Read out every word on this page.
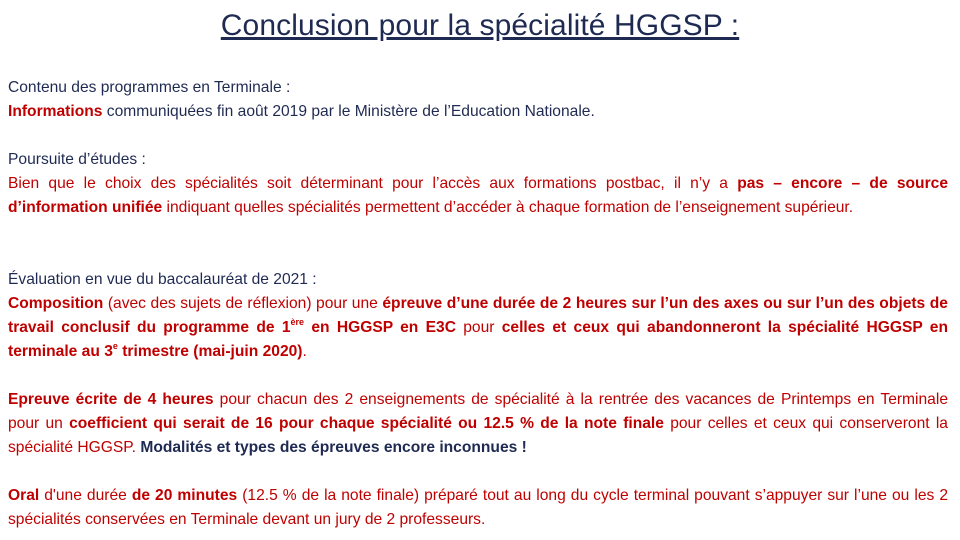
Conclusion pour la spécialité HGGSP :
Contenu des programmes en Terminale :
Informations communiquées fin août 2019 par le Ministère de l’Education Nationale.
Poursuite d’études :
Bien que le choix des spécialités soit déterminant pour l’accès aux formations postbac, il n’y a pas – encore – de source d’information unifiée indiquant quelles spécialités permettent d’accéder à chaque formation de l’enseignement supérieur.
Évaluation en vue du baccalauréat de 2021 :
Composition (avec des sujets de réflexion) pour une épreuve d’une durée de 2 heures sur l’un des axes ou sur l’un des objets de travail conclusif du programme de 1ère en HGGSP en E3C pour celles et ceux qui abandonneront la spécialité HGGSP en terminale au 3e trimestre (mai-juin 2020).
Epreuve écrite de 4 heures pour chacun des 2 enseignements de spécialité à la rentrée des vacances de Printemps en Terminale pour un coefficient qui serait de 16 pour chaque spécialité ou 12.5 % de la note finale pour celles et ceux qui conserveront la spécialité HGGSP. Modalités et types des épreuves encore inconnues !
Oral d'une durée de 20 minutes (12.5 % de la note finale) préparé tout au long du cycle terminal pouvant s’appuyer sur l’une ou les 2 spécialités conservées en Terminale devant un jury de 2 professeurs.
